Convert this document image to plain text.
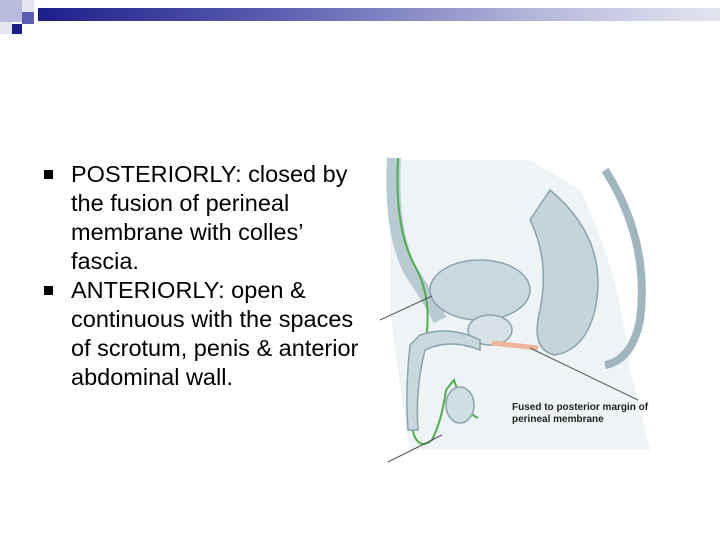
POSTERIORLY: closed by the fusion of perineal membrane with colles’ fascia.
ANTERIORLY: open & continuous with the spaces of scrotum, penis & anterior abdominal wall.
Fused to posterior margin of
perineal membrane
